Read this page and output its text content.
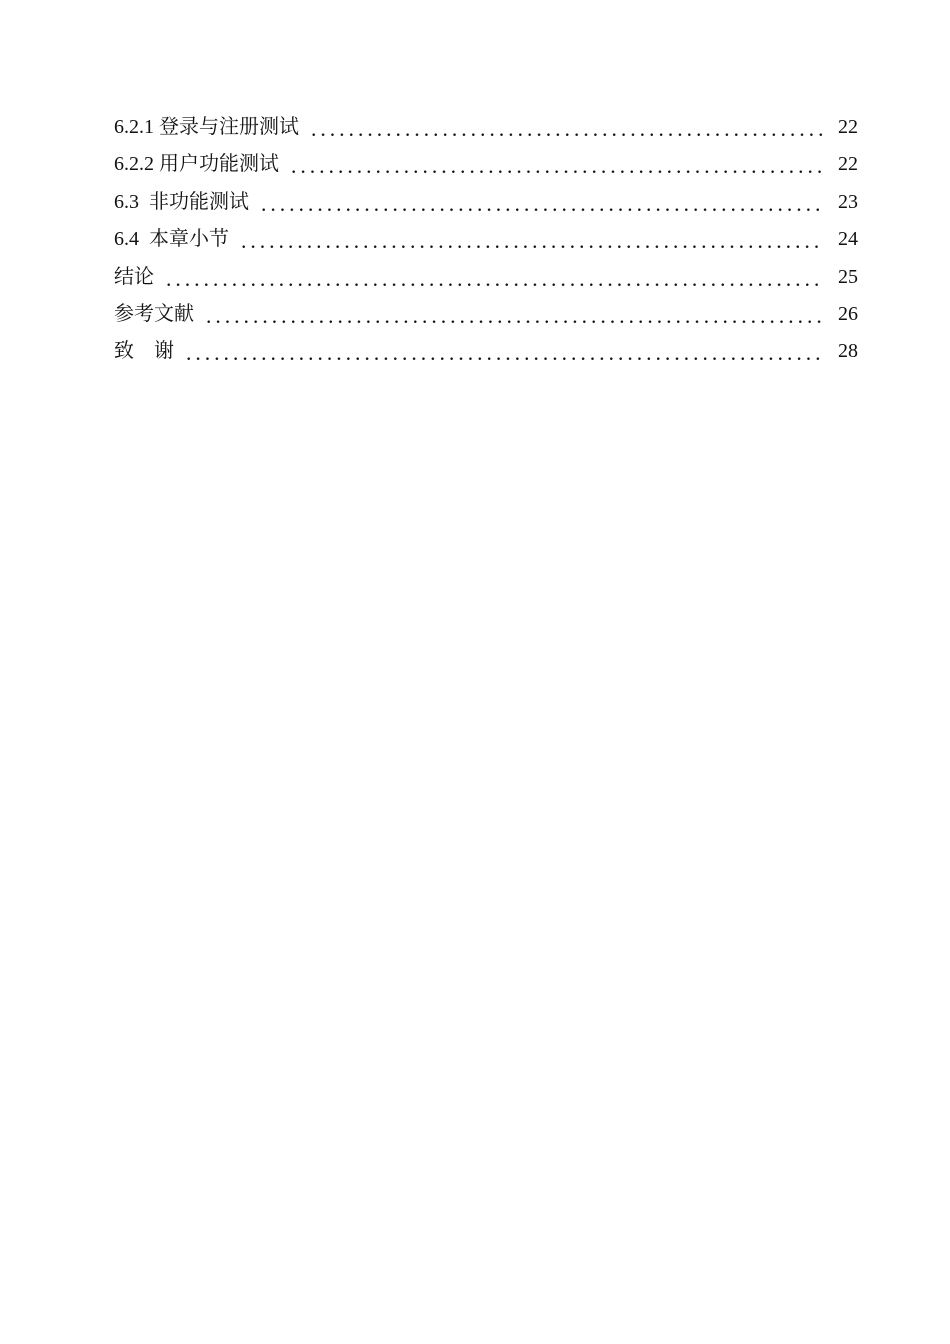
6.2.1 登录与注册测试	22
6.2.2 用户功能测试	22
6.3  非功能测试	23
6.4  本章小节	24
结论	25
参考文献	26
致　谢	28
